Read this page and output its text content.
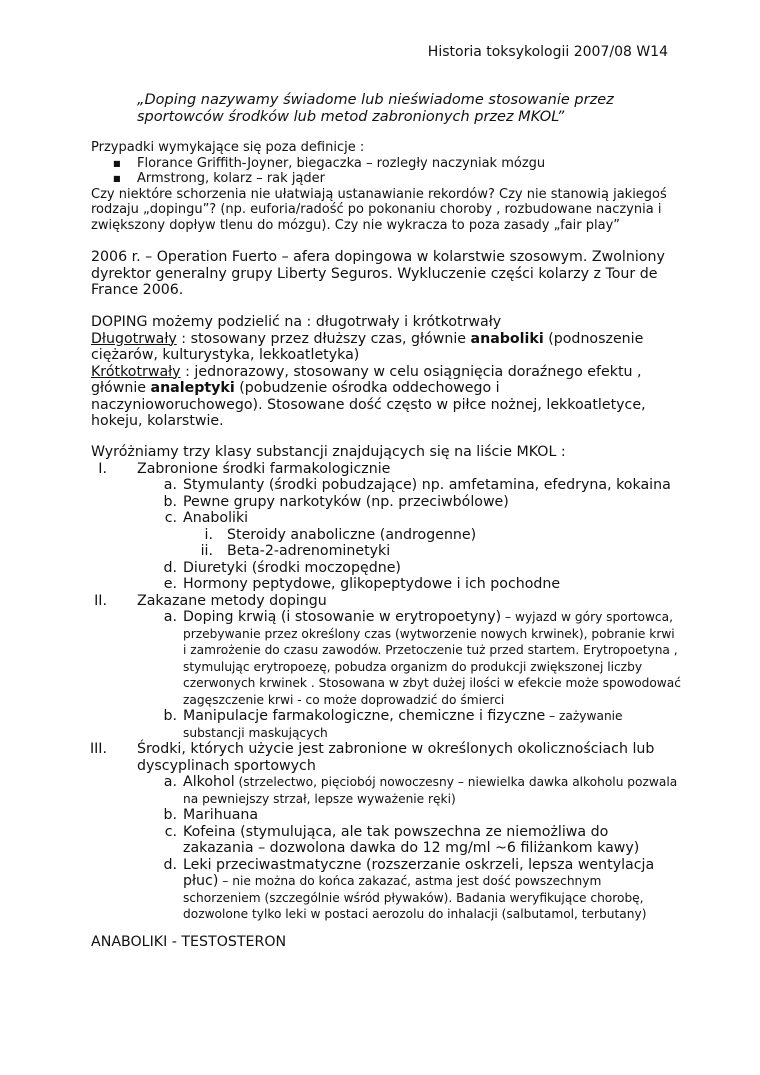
Historia toksykologii 2007/08 W14
„Doping nazywamy świadome lub nieświadome stosowanie przez sportowców środków lub metod zabronionych przez MKOL”
Przypadki wymykające się poza definicje :
■ Florance Griffith-Joyner, biegaczka – rozległy naczyniak mózgu
■ Armstrong, kolarz – rak jąder
Czy niektóre schorzenia nie ułatwiają ustanawianie rekordów? Czy nie stanowią jakiegoś rodzaju „dopingu”? (np. euforia/radość po pokonaniu choroby , rozbudowane naczynia i zwiększony dopływ tlenu do mózgu). Czy nie wykracza to poza zasady „fair play”
2006 r. – Operation Fuerto – afera dopingowa w kolarstwie szosowym. Zwolniony dyrektor generalny grupy Liberty Seguros. Wykluczenie części kolarzy z Tour de France 2006.
DOPING możemy podzielić na : długotrwały i krótkotrwały
Długotrwały : stosowany przez dłuższy czas, głównie anaboliki (podnoszenie ciężarów, kulturystyka, lekkoatletyka)
Krótkotrwały : jednorazowy, stosowany w celu osiągnięcia doraźnego efektu , głównie analeptyki (pobudzenie ośrodka oddechowego i naczynioworuchowego). Stosowane dość często w piłce nożnej, lekkoatletyce, hokeju, kolarstwie.
Wyróżniamy trzy klasy substancji znajdujących się na liście MKOL :
I. Zabronione środki farmakologicznie
a. Stymulanty (środki pobudzające) np. amfetamina, efedryna, kokaina
b. Pewne grupy narkotyków (np. przeciwbólowe)
c. Anaboliki
i. Steroidy anaboliczne (androgenne)
ii. Beta-2-adrenominetyki
d. Diuretyki (środki moczopędne)
e. Hormony peptydowe, glikopeptydowe i ich pochodne
II. Zakazane metody dopingu
a. Doping krwią (i stosowanie w erytropoetyny) – wyjazd w góry sportowca, przebywanie przez określony czas (wytworzenie nowych krwinek), pobranie krwi i zamrożenie do czasu zawodów. Przetoczenie tuż przed startem. Erytropoetyna , stymulując erytropoezę, pobudza organizm do produkcji zwiększonej liczby czerwonych krwinek . Stosowana w zbyt dużej ilości w efekcie może spowodować zagęszczenie krwi - co może doprowadzić do śmierci
b. Manipulacje farmakologiczne, chemiczne i fizyczne – zażywanie substancji maskujących
III. Środki, których użycie jest zabronione w określonych okolicznościach lub dyscyplinach sportowych
a. Alkohol (strzelectwo, pięciobój nowoczesny – niewielka dawka alkoholu pozwala na pewniejszy strzał, lepsze wyważenie ręki)
b. Marihuana
c. Kofeina (stymulująca, ale tak powszechna ze niemożliwa do zakazania – dozwolona dawka do 12 mg/ml ~6 filiżankom kawy)
d. Leki przeciwastmatyczne (rozszerzanie oskrzeli, lepsza wentylacja płuc) – nie można do końca zakazać, astma jest dość powszechnym schorzeniem (szczególnie wśród pływaków). Badania weryfikujące chorobę, dozwolone tylko leki w postaci aerozolu do inhalacji (salbutamol, terbutany)
ANABOLIKI - TESTOSTERON
